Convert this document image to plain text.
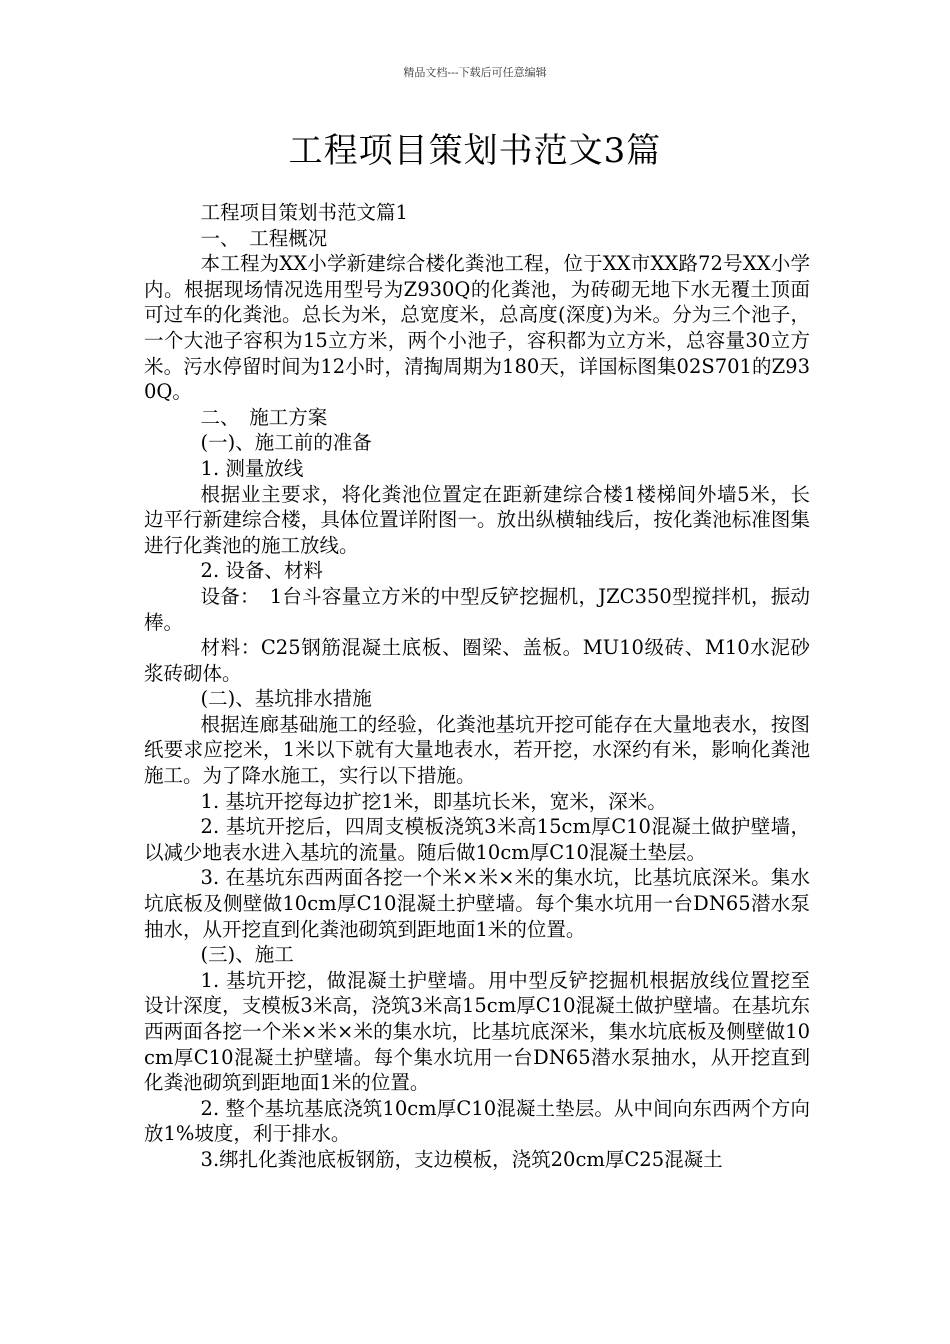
精品文档---下载后可任意编辑
工程项目策划书范文3篇

工程项目策划书范文篇1

一、　工程概况

本工程为XX小学新建综合楼化粪池工程，位于XX市XX路72号XX小学内。根据现场情况选用型号为Z930Q的化粪池，为砖砌无地下水无覆土顶面可过车的化粪池。总长为米，总宽度米，总高度(深度)为米。分为三个池子，一个大池子容积为15立方米，两个小池子，容积都为立方米，总容量30立方米。污水停留时间为12小时，清掏周期为180天，详国标图集02S701的Z930Q。

二、　施工方案

(一)、施工前的准备

1. 测量放线

根据业主要求，将化粪池位置定在距新建综合楼1楼梯间外墙5米，长边平行新建综合楼，具体位置详附图一。放出纵横轴线后，按化粪池标准图集进行化粪池的施工放线。

2. 设备、材料

设备：　1台斗容量立方米的中型反铲挖掘机，JZC350型搅拌机，振动棒。

材料：C25钢筋混凝土底板、圈梁、盖板。MU10级砖、M10水泥砂浆砖砌体。

(二)、基坑排水措施

根据连廊基础施工的经验，化粪池基坑开挖可能存在大量地表水，按图纸要求应挖米，1米以下就有大量地表水，若开挖，水深约有米，影响化粪池施工。为了降水施工，实行以下措施。

1. 基坑开挖每边扩挖1米，即基坑长米，宽米，深米。

2. 基坑开挖后，四周支模板浇筑3米高15cm厚C10混凝土做护壁墙，以减少地表水进入基坑的流量。随后做10cm厚C10混凝土垫层。

3. 在基坑东西两面各挖一个米×米×米的集水坑，比基坑底深米。集水坑底板及侧壁做10cm厚C10混凝土护壁墙。每个集水坑用一台DN65潜水泵抽水，从开挖直到化粪池砌筑到距地面1米的位置。

(三)、施工

1. 基坑开挖，做混凝土护壁墙。用中型反铲挖掘机根据放线位置挖至设计深度，支模板3米高，浇筑3米高15cm厚C10混凝土做护壁墙。在基坑东西两面各挖一个米×米×米的集水坑，比基坑底深米，集水坑底板及侧壁做10cm厚C10混凝土护壁墙。每个集水坑用一台DN65潜水泵抽水，从开挖直到化粪池砌筑到距地面1米的位置。

2. 整个基坑基底浇筑10cm厚C10混凝土垫层。从中间向东西两个方向放1%坡度，利于排水。

3.绑扎化粪池底板钢筋，支边模板，浇筑20cm厚C25混凝土
